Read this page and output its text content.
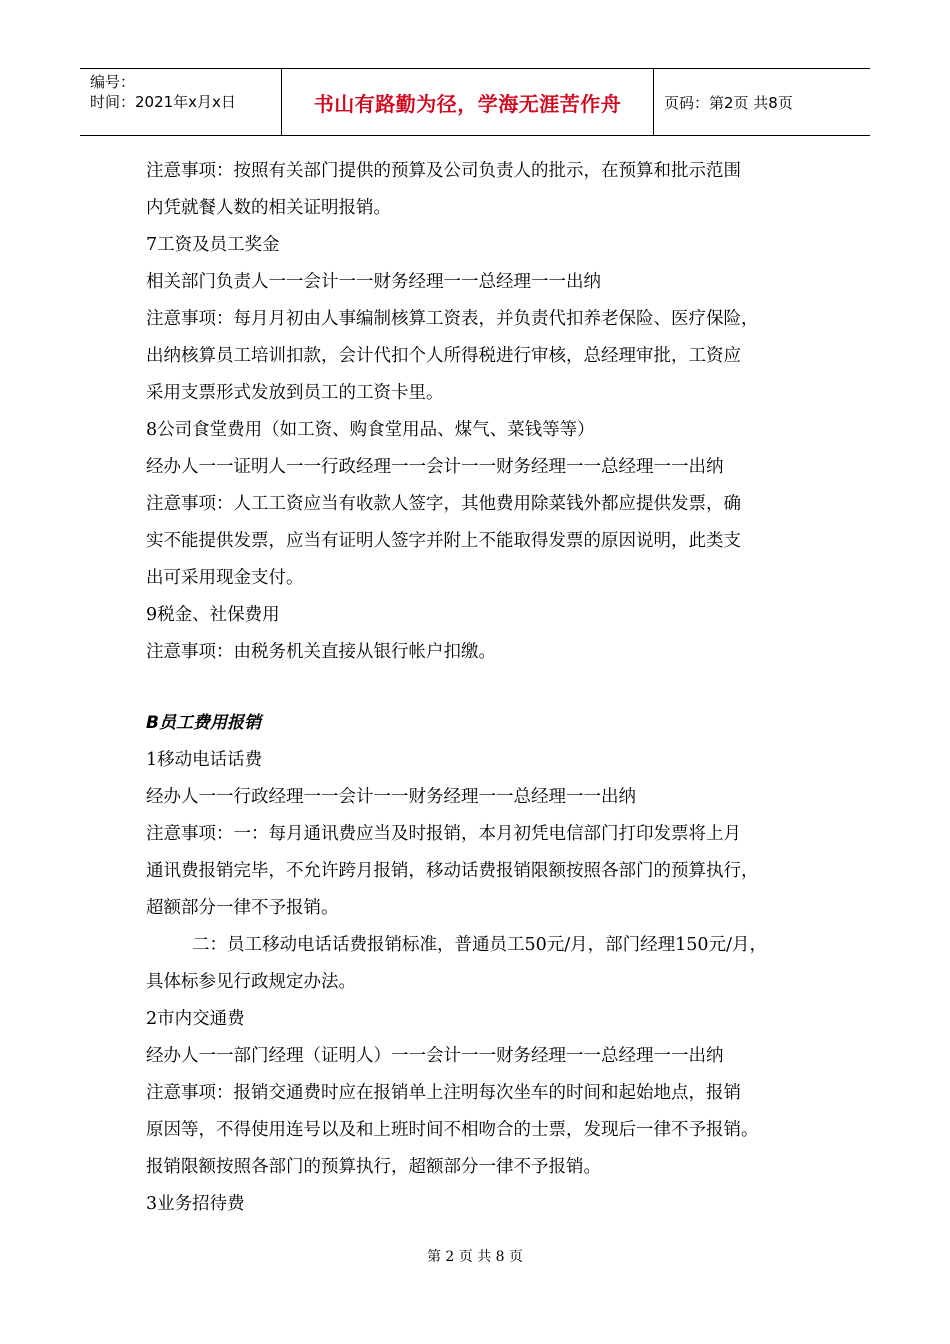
编号：
时间：2021年x月x日	书山有路勤为径，学海无涯苦作舟	页码：第2页 共8页
注意事项：按照有关部门提供的预算及公司负责人的批示，在预算和批示范围
内凭就餐人数的相关证明报销。
7工资及员工奖金
相关部门负责人一一会计一一财务经理一一总经理一一出纳
注意事项：每月月初由人事编制核算工资表，并负责代扣养老保险、医疗保险，
出纳核算员工培训扣款，会计代扣个人所得税进行审核，总经理审批，工资应
采用支票形式发放到员工的工资卡里。
8公司食堂费用（如工资、购食堂用品、煤气、菜钱等等）
经办人一一证明人一一行政经理一一会计一一财务经理一一总经理一一出纳
注意事项：人工工资应当有收款人签字，其他费用除菜钱外都应提供发票，确
实不能提供发票，应当有证明人签字并附上不能取得发票的原因说明，此类支
出可采用现金支付。
9税金、社保费用
注意事项：由税务机关直接从银行帐户扣缴。
B员工费用报销
1移动电话话费
经办人一一行政经理一一会计一一财务经理一一总经理一一出纳
注意事项：一：每月通讯费应当及时报销，本月初凭电信部门打印发票将上月
通讯费报销完毕，不允许跨月报销，移动话费报销限额按照各部门的预算执行，
超额部分一律不予报销。
二：员工移动电话话费报销标准，普通员工50元/月，部门经理150元/月，
具体标参见行政规定办法。
2市内交通费
经办人一一部门经理（证明人）一一会计一一财务经理一一总经理一一出纳
注意事项：报销交通费时应在报销单上注明每次坐车的时间和起始地点，报销
原因等，不得使用连号以及和上班时间不相吻合的士票，发现后一律不予报销。
报销限额按照各部门的预算执行，超额部分一律不予报销。
3业务招待费
第 2 页 共 8 页
